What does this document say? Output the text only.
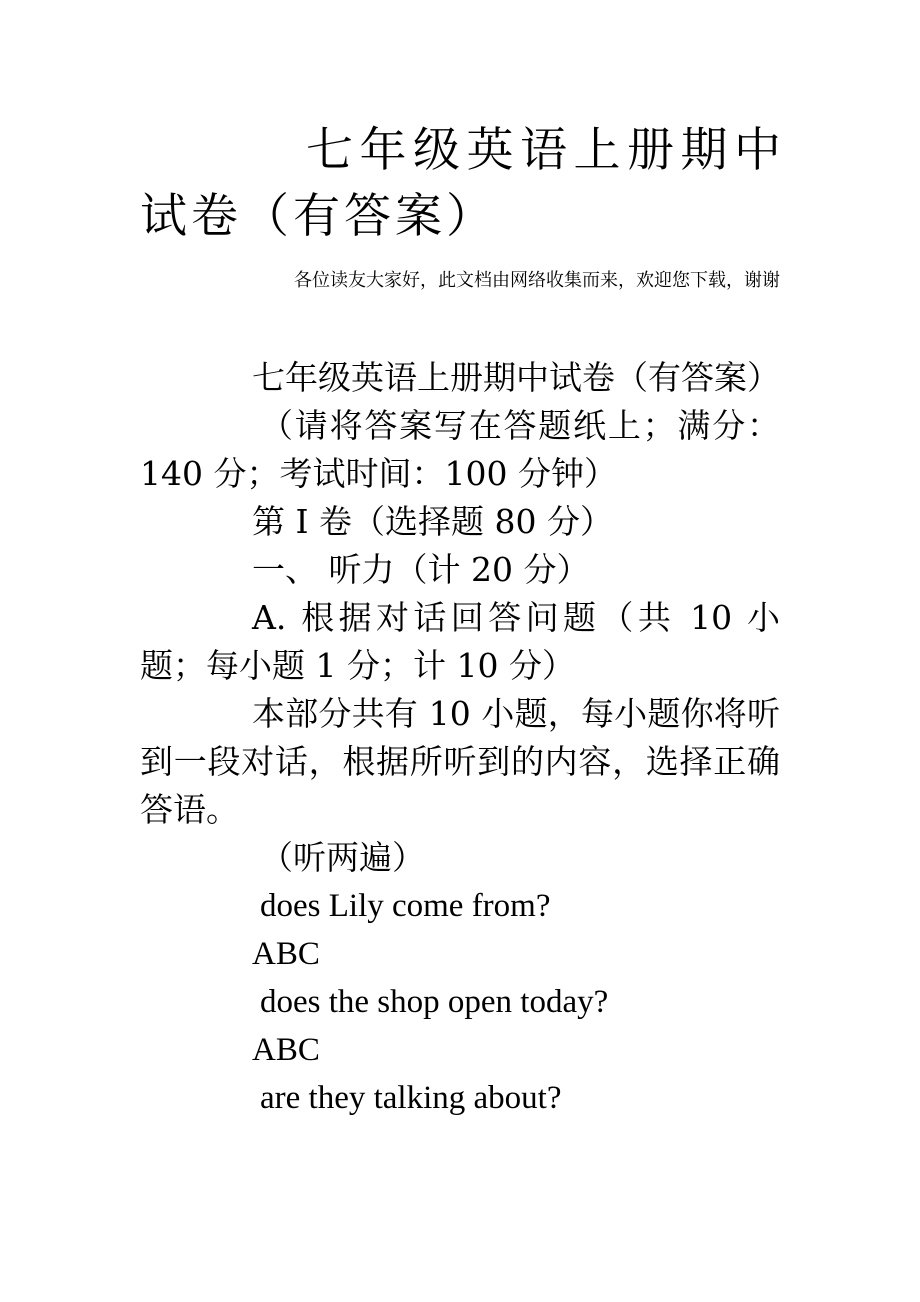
七年级英语上册期中试卷（有答案）
各位读友大家好，此文档由网络收集而来，欢迎您下载，谢谢

七年级英语上册期中试卷（有答案）

（请将答案写在答题纸上；满分：140 分；考试时间：100 分钟）

第 I 卷（选择题 80 分）

一、 听力（计 20 分）

A. 根据对话回答问题（共 10 小题；每小题 1 分；计 10 分）

本部分共有 10 小题，每小题你将听到一段对话，根据所听到的内容，选择正确答语。

（听两遍）

does Lily come from?

ABC

does the shop open today?

ABC

are they talking about?
